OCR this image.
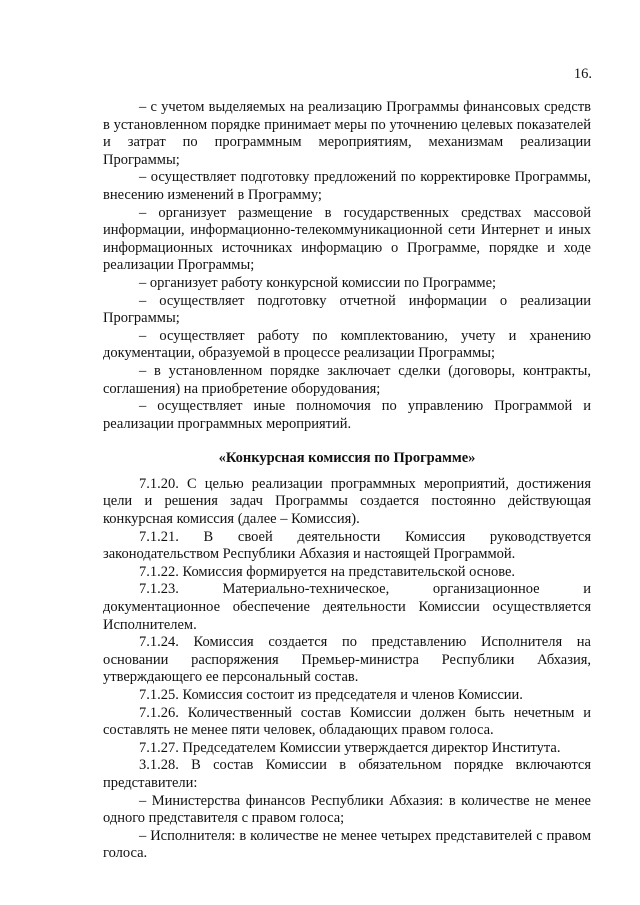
16.

– с учетом выделяемых на реализацию Программы финансовых средств в установленном порядке принимает меры по уточнению целевых показателей и затрат по программным мероприятиям, механизмам реализации Программы;

– осуществляет подготовку предложений по корректировке Программы, внесению изменений в Программу;

– организует размещение в государственных средствах массовой информации, информационно-телекоммуникационной сети Интернет и иных информационных источниках информацию о Программе, порядке и ходе реализации Программы;

– организует работу конкурсной комиссии по Программе;

– осуществляет подготовку отчетной информации о реализации Программы;

– осуществляет работу по комплектованию, учету и хранению документации, образуемой в процессе реализации Программы;

– в установленном порядке заключает сделки (договоры, контракты, соглашения) на приобретение оборудования;

– осуществляет иные полномочия по управлению Программой и реализации программных мероприятий.

«Конкурсная комиссия по Программе»

7.1.20. С целью реализации программных мероприятий, достижения цели и решения задач Программы создается постоянно действующая конкурсная комиссия (далее – Комиссия).

7.1.21. В своей деятельности Комиссия руководствуется законодательством Республики Абхазия и настоящей Программой.

7.1.22. Комиссия формируется на представительской основе.

7.1.23. Материально-техническое, организационное и документационное обеспечение деятельности Комиссии осуществляется Исполнителем.

7.1.24. Комиссия создается по представлению Исполнителя на основании распоряжения Премьер-министра Республики Абхазия, утверждающего ее персональный состав.

7.1.25. Комиссия состоит из председателя и членов Комиссии.

7.1.26. Количественный состав Комиссии должен быть нечетным и составлять не менее пяти человек, обладающих правом голоса.

7.1.27. Председателем Комиссии утверждается директор Института.

3.1.28. В состав Комиссии в обязательном порядке включаются представители:

– Министерства финансов Республики Абхазия: в количестве не менее одного представителя с правом голоса;

– Исполнителя: в количестве не менее четырех представителей с правом голоса.
